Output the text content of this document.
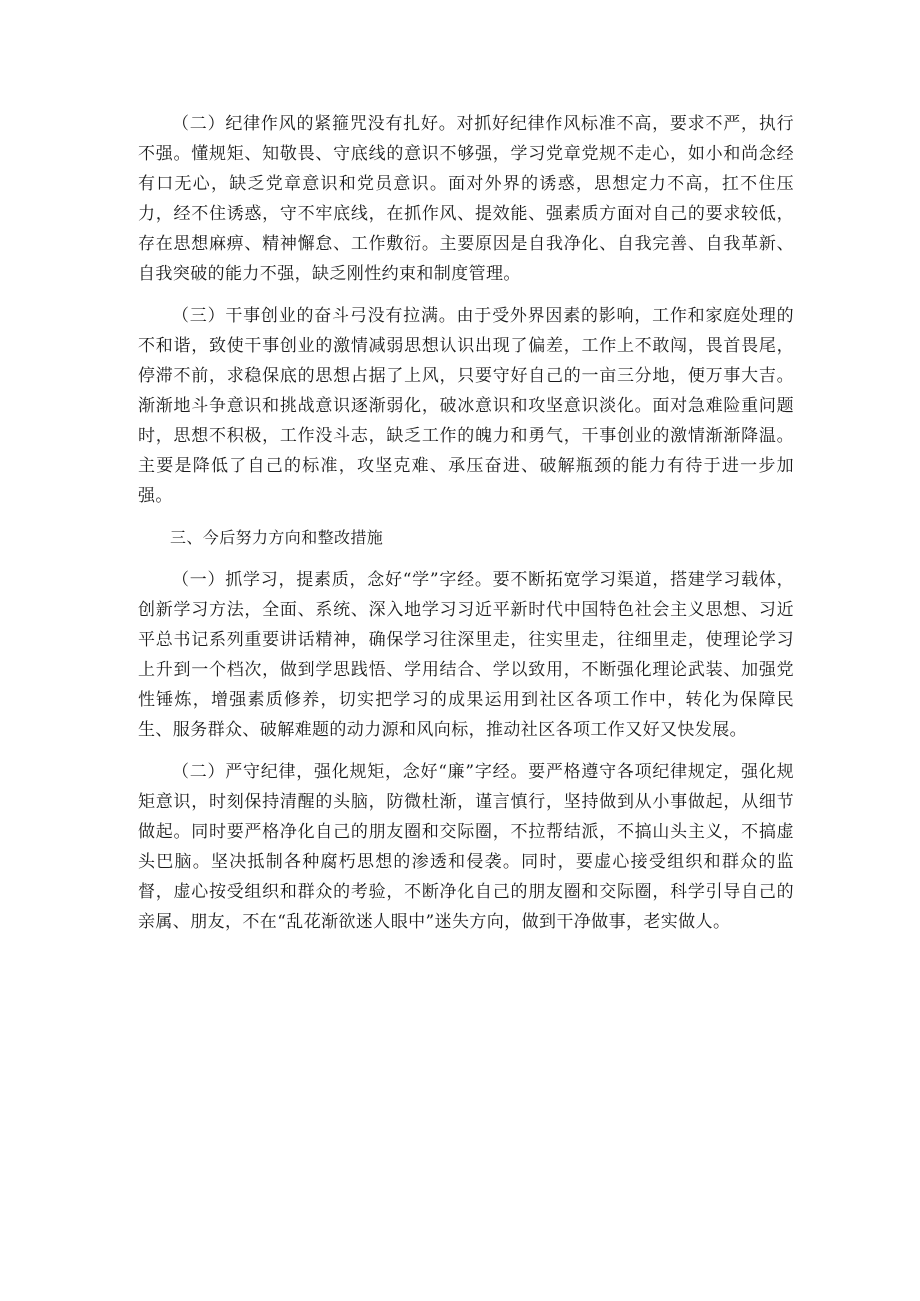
（二）纪律作风的紧箍咒没有扎好。对抓好纪律作风标准不高，要求不严，执行不强。懂规矩、知敬畏、守底线的意识不够强，学习党章党规不走心，如小和尚念经有口无心，缺乏党章意识和党员意识。面对外界的诱惑，思想定力不高，扛不住压力，经不住诱惑，守不牢底线，在抓作风、提效能、强素质方面对自己的要求较低，存在思想麻痹、精神懈怠、工作敷衍。主要原因是自我净化、自我完善、自我革新、自我突破的能力不强，缺乏刚性约束和制度管理。

（三）干事创业的奋斗弓没有拉满。由于受外界因素的影响，工作和家庭处理的不和谐，致使干事创业的激情减弱思想认识出现了偏差，工作上不敢闯，畏首畏尾，停滞不前，求稳保底的思想占据了上风，只要守好自己的一亩三分地，便万事大吉。渐渐地斗争意识和挑战意识逐渐弱化，破冰意识和攻坚意识淡化。面对急难险重问题时，思想不积极，工作没斗志，缺乏工作的魄力和勇气，干事创业的激情渐渐降温。主要是降低了自己的标准，攻坚克难、承压奋进、破解瓶颈的能力有待于进一步加强。

三、今后努力方向和整改措施

（一）抓学习，提素质，念好“学”字经。要不断拓宽学习渠道，搭建学习载体，创新学习方法，全面、系统、深入地学习习近平新时代中国特色社会主义思想、习近平总书记系列重要讲话精神，确保学习往深里走，往实里走，往细里走，使理论学习上升到一个档次，做到学思践悟、学用结合、学以致用，不断强化理论武装、加强党性锤炼，增强素质修养，切实把学习的成果运用到社区各项工作中，转化为保障民生、服务群众、破解难题的动力源和风向标，推动社区各项工作又好又快发展。

（二）严守纪律，强化规矩，念好“廉”字经。要严格遵守各项纪律规定，强化规矩意识，时刻保持清醒的头脑，防微杜渐，谨言慎行，坚持做到从小事做起，从细节做起。同时要严格净化自己的朋友圈和交际圈，不拉帮结派，不搞山头主义，不搞虚头巴脑。坚决抵制各种腐朽思想的渗透和侵袭。同时，要虚心接受组织和群众的监督，虚心按受组织和群众的考验，不断净化自己的朋友圈和交际圈，科学引导自己的亲属、朋友，不在“乱花渐欲迷人眼中”迷失方向，做到干净做事，老实做人。
